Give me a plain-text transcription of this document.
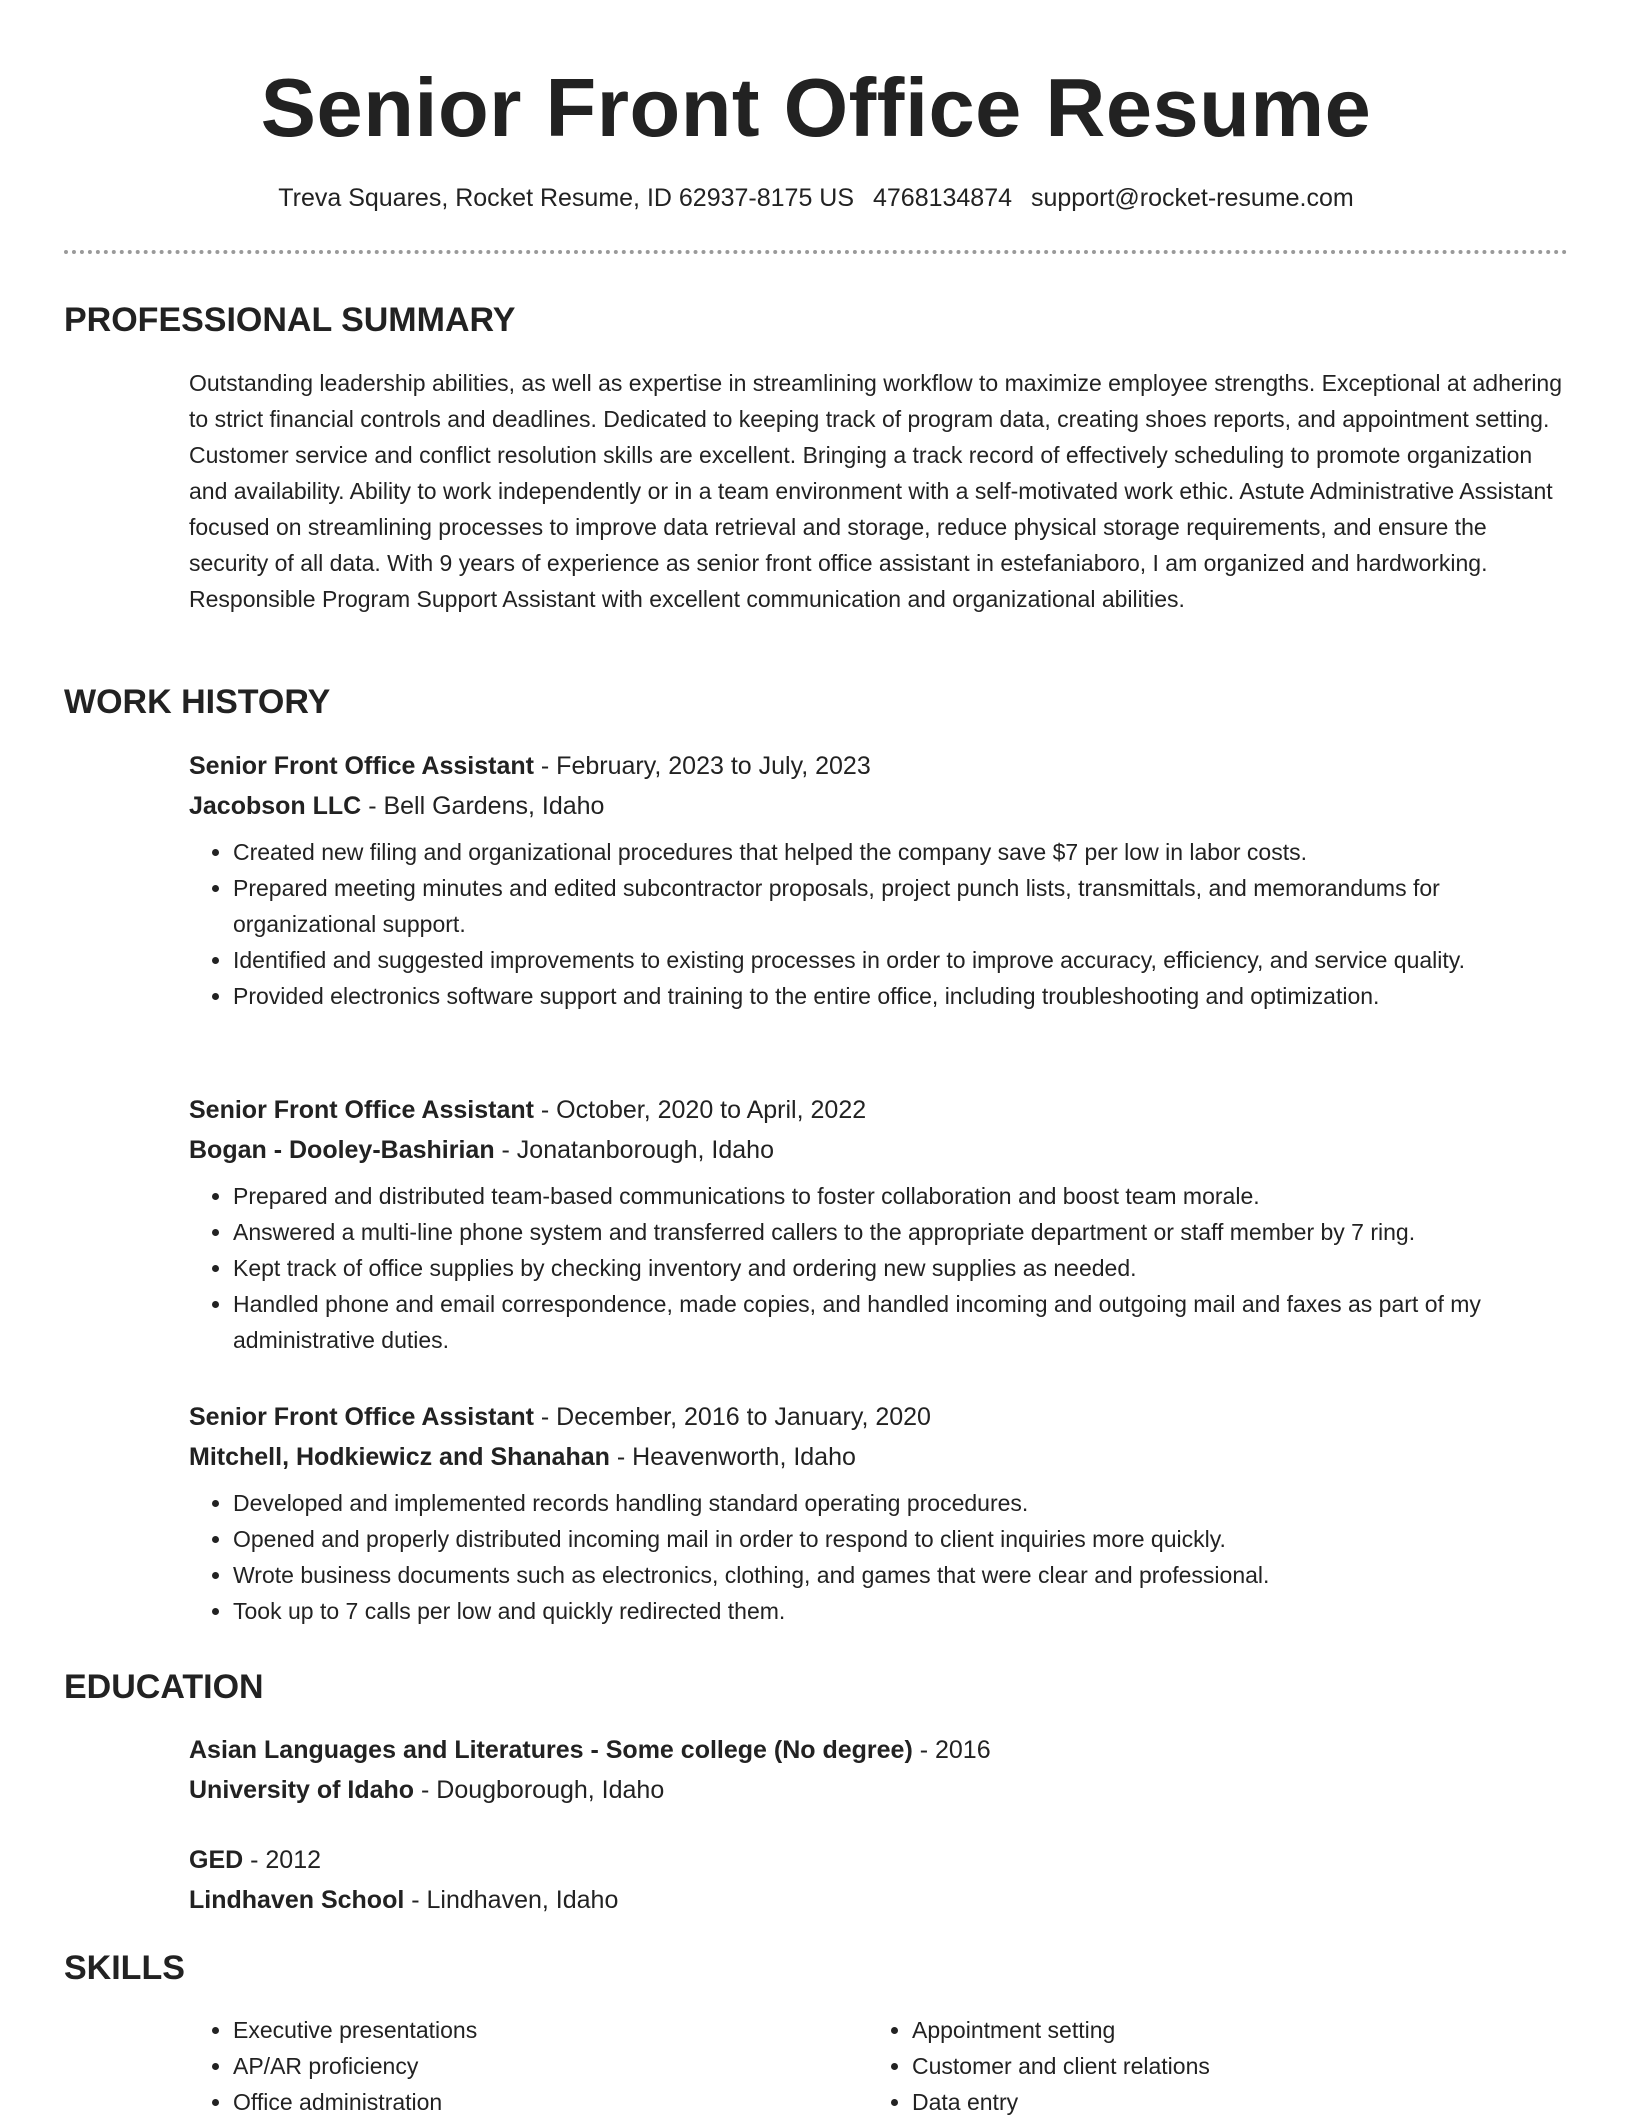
Senior Front Office Resume
Treva Squares, Rocket Resume, ID 62937-8175 US 4768134874 support@rocket-resume.com
PROFESSIONAL SUMMARY

Outstanding leadership abilities, as well as expertise in streamlining workflow to maximize employee strengths. Exceptional at adhering to strict financial controls and deadlines. Dedicated to keeping track of program data, creating shoes reports, and appointment setting. Customer service and conflict resolution skills are excellent. Bringing a track record of effectively scheduling to promote organization and availability. Ability to work independently or in a team environment with a self-motivated work ethic. Astute Administrative Assistant focused on streamlining processes to improve data retrieval and storage, reduce physical storage requirements, and ensure the security of all data. With 9 years of experience as senior front office assistant in estefaniaboro, I am organized and hardworking. Responsible Program Support Assistant with excellent communication and organizational abilities.

WORK HISTORY

Senior Front Office Assistant - February, 2023 to July, 2023

Jacobson LLC - Bell Gardens, Idaho

• Created new filing and organizational procedures that helped the company save $7 per low in labor costs.
• Prepared meeting minutes and edited subcontractor proposals, project punch lists, transmittals, and memorandums for organizational support.
• Identified and suggested improvements to existing processes in order to improve accuracy, efficiency, and service quality.
• Provided electronics software support and training to the entire office, including troubleshooting and optimization.

Senior Front Office Assistant - October, 2020 to April, 2022

Bogan - Dooley-Bashirian - Jonatanborough, Idaho

• Prepared and distributed team-based communications to foster collaboration and boost team morale.
• Answered a multi-line phone system and transferred callers to the appropriate department or staff member by 7 ring.
• Kept track of office supplies by checking inventory and ordering new supplies as needed.
• Handled phone and email correspondence, made copies, and handled incoming and outgoing mail and faxes as part of my administrative duties.

Senior Front Office Assistant - December, 2016 to January, 2020

Mitchell, Hodkiewicz and Shanahan - Heavenworth, Idaho

• Developed and implemented records handling standard operating procedures.
• Opened and properly distributed incoming mail in order to respond to client inquiries more quickly.
• Wrote business documents such as electronics, clothing, and games that were clear and professional.
• Took up to 7 calls per low and quickly redirected them.
EDUCATION

Asian Languages and Literatures - Some college (No degree) - 2016

University of Idaho - Dougborough, Idaho

GED - 2012

Lindhaven School - Lindhaven, Idaho

SKILLS
• Executive presentations
• AP/AR proficiency
• Office administration
• Appointment setting
• Customer and client relations
• Data entry
